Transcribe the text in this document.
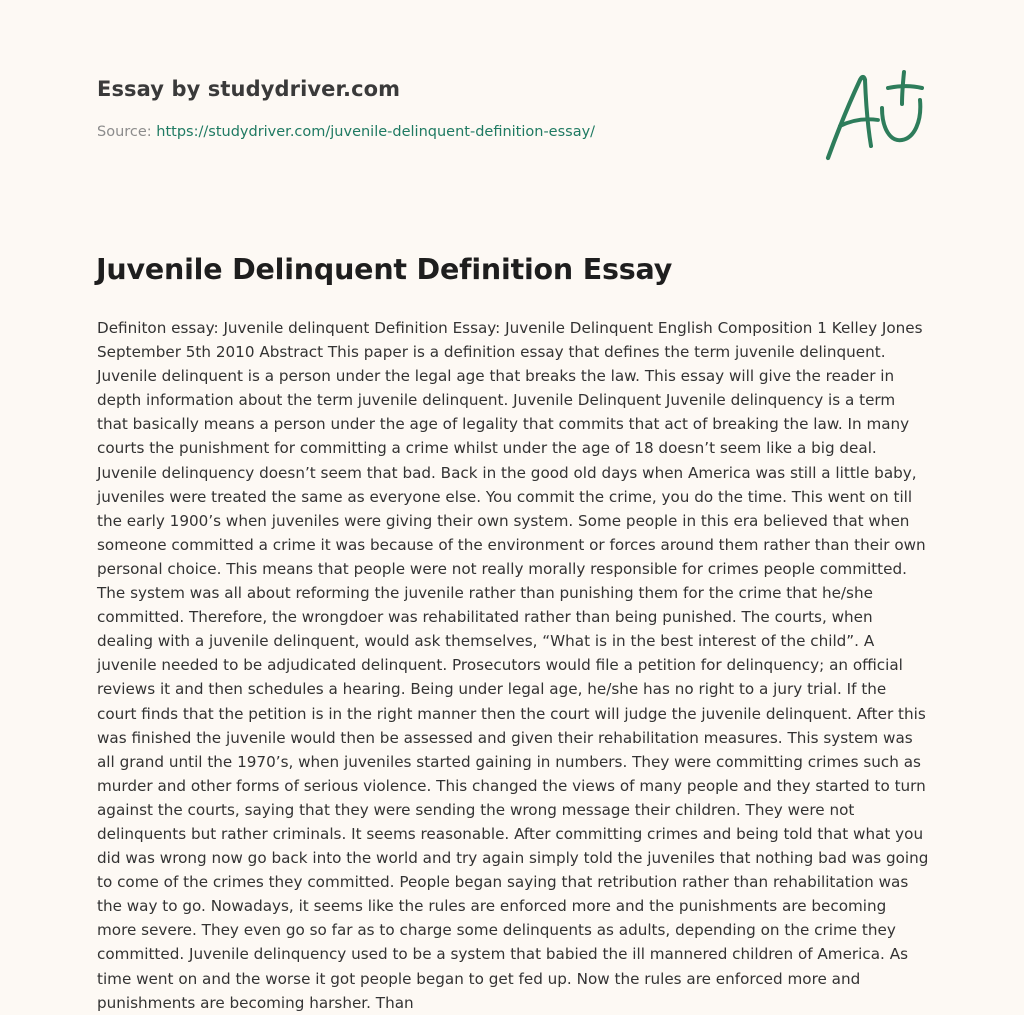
Essay by studydriver.com
Source: https://studydriver.com/juvenile-delinquent-definition-essay/
Juvenile Delinquent Definition Essay

Definiton essay: Juvenile delinquent Definition Essay: Juvenile Delinquent English Composition 1 Kelley Jones September 5th 2010 Abstract This paper is a definition essay that defines the term juvenile delinquent. Juvenile delinquent is a person under the legal age that breaks the law. This essay will give the reader in depth information about the term juvenile delinquent. Juvenile Delinquent Juvenile delinquency is a term that basically means a person under the age of legality that commits that act of breaking the law. In many courts the punishment for committing a crime whilst under the age of 18 doesn’t seem like a big deal. Juvenile delinquency doesn’t seem that bad. Back in the good old days when America was still a little baby, juveniles were treated the same as everyone else. You commit the crime, you do the time. This went on till the early 1900’s when juveniles were giving their own system. Some people in this era believed that when someone committed a crime it was because of the environment or forces around them rather than their own personal choice. This means that people were not really morally responsible for crimes people committed. The system was all about reforming the juvenile rather than punishing them for the crime that he/she committed. Therefore, the wrongdoer was rehabilitated rather than being punished. The courts, when dealing with a juvenile delinquent, would ask themselves, “What is in the best interest of the child”. A juvenile needed to be adjudicated delinquent. Prosecutors would file a petition for delinquency; an official reviews it and then schedules a hearing. Being under legal age, he/she has no right to a jury trial. If the court finds that the petition is in the right manner then the court will judge the juvenile delinquent. After this was finished the juvenile would then be assessed and given their rehabilitation measures. This system was all grand until the 1970’s, when juveniles started gaining in numbers. They were committing crimes such as murder and other forms of serious violence. This changed the views of many people and they started to turn against the courts, saying that they were sending the wrong message their children. They were not delinquents but rather criminals. It seems reasonable. After committing crimes and being told that what you did was wrong now go back into the world and try again simply told the juveniles that nothing bad was going to come of the crimes they committed. People began saying that retribution rather than rehabilitation was the way to go. Nowadays, it seems like the rules are enforced more and the punishments are becoming more severe. They even go so far as to charge some delinquents as adults, depending on the crime they committed. Juvenile delinquency used to be a system that babied the ill mannered children of America. As time went on and the worse it got people began to get fed up. Now the rules are enforced more and punishments are becoming harsher. Than
